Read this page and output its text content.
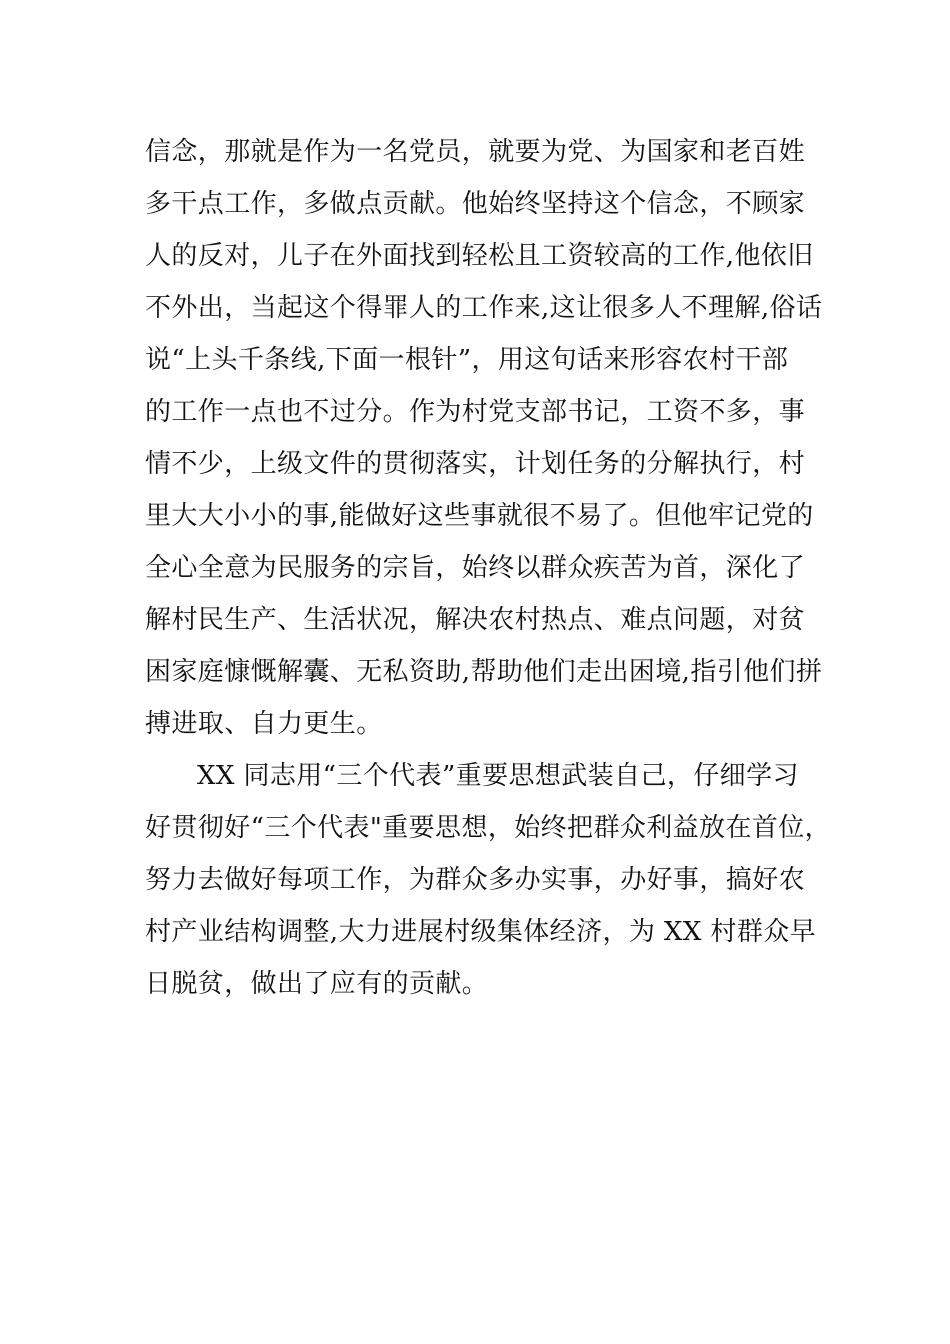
信念，那就是作为一名党员，就要为党、为国家和老百姓
多干点工作，多做点贡献。他始终坚持这个信念，不顾家
人的反对，儿子在外面找到轻松且工资较高的工作,他依旧
不外出，当起这个得罪人的工作来,这让很多人不理解,俗话
说“上头千条线,下面一根针”，用这句话来形容农村干部
的工作一点也不过分。作为村党支部书记，工资不多，事
情不少，上级文件的贯彻落实，计划任务的分解执行，村
里大大小小的事,能做好这些事就很不易了。但他牢记党的
全心全意为民服务的宗旨，始终以群众疾苦为首，深化了
解村民生产、生活状况，解决农村热点、难点问题，对贫
困家庭慷慨解囊、无私资助,帮助他们走出困境,指引他们拼
搏进取、自力更生。
XX 同志用“三个代表”重要思想武装自己，仔细学习
好贯彻好“三个代表"重要思想，始终把群众利益放在首位，
努力去做好每项工作，为群众多办实事，办好事，搞好农
村产业结构调整,大力进展村级集体经济，为 XX 村群众早
日脱贫，做出了应有的贡献。
